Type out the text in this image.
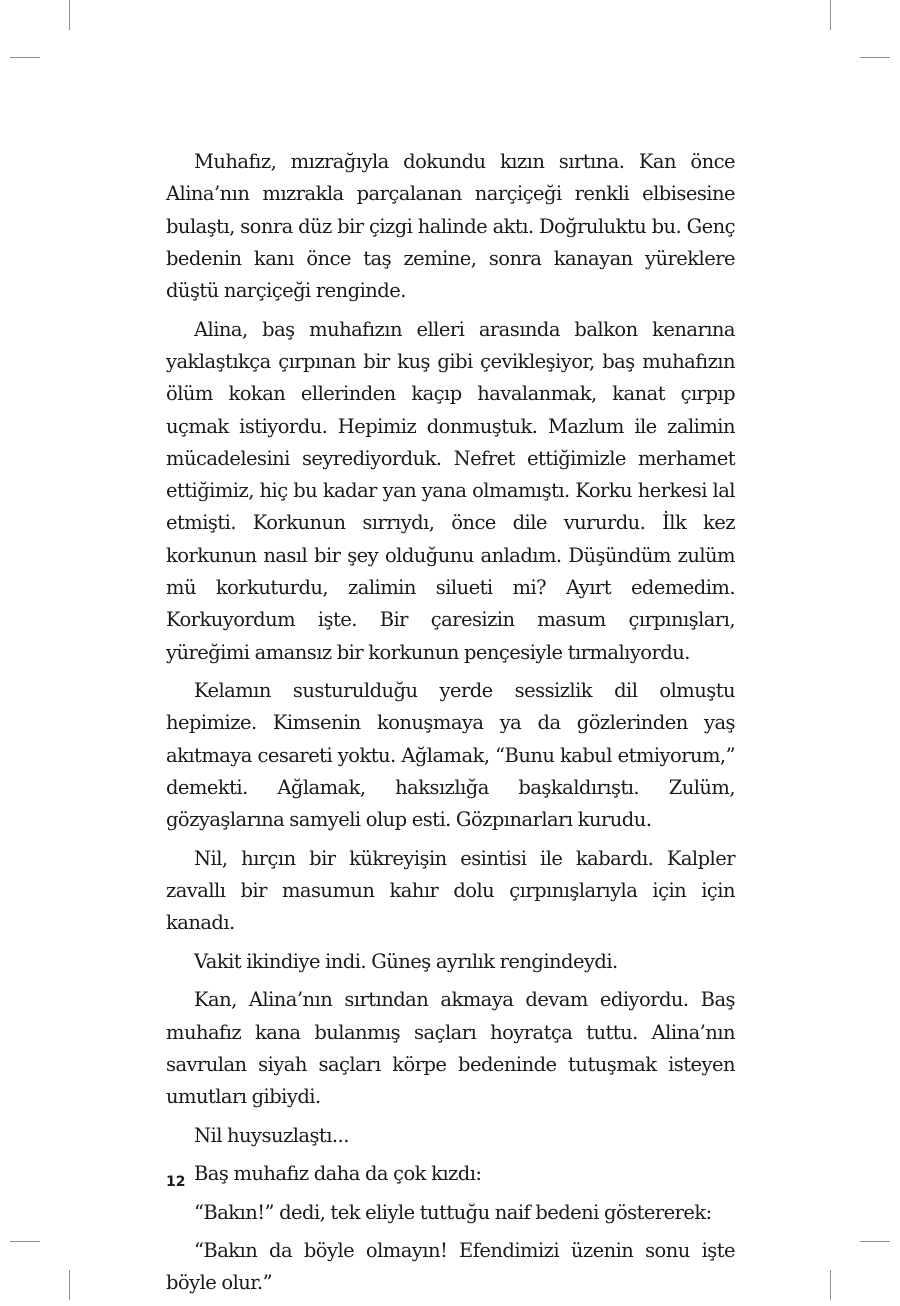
Muhafız, mızrağıyla dokundu kızın sırtına. Kan önce Alina’nın mızrakla parçalanan narçiçeği renkli elbisesine bulaştı, sonra düz bir çizgi halinde aktı. Doğruluktu bu. Genç bedenin kanı önce taş zemine, sonra kanayan yüreklere düştü narçiçeği renginde.

Alina, baş muhafızın elleri arasında balkon kenarına yaklaştıkça çırpınan bir kuş gibi çevikleşiyor, baş muhafızın ölüm kokan ellerinden kaçıp havalanmak, kanat çırpıp uçmak istiyordu. Hepimiz donmuştuk. Mazlum ile zalimin mücadelesini seyrediyorduk. Nefret ettiğimizle merhamet ettiğimiz, hiç bu kadar yan yana olmamıştı. Korku herkesi lal etmişti. Korkunun sırrıydı, önce dile vururdu. İlk kez korkunun nasıl bir şey olduğunu anladım. Düşündüm zulüm mü korkuturdu, zalimin silueti mi? Ayırt edemedim. Korkuyordum işte. Bir çaresizin masum çırpınışları, yüreğimi amansız bir korkunun pençesiyle tırmalıyordu.

Kelamın susturulduğu yerde sessizlik dil olmuştu hepimize. Kimsenin konuşmaya ya da gözlerinden yaş akıtmaya cesareti yoktu. Ağlamak, “Bunu kabul etmiyorum,” demekti. Ağlamak, haksızlığa başkaldırıştı. Zulüm, gözyaşlarına samyeli olup esti. Gözpınarları kurudu.

Nil, hırçın bir kükreyişin esintisi ile kabardı. Kalpler zavallı bir masumun kahır dolu çırpınışlarıyla için için kanadı.

Vakit ikindiye indi. Güneş ayrılık rengindeydi.

Kan, Alina’nın sırtından akmaya devam ediyordu. Baş muhafız kana bulanmış saçları hoyratça tuttu. Alina’nın savrulan siyah saçları körpe bedeninde tutuşmak isteyen umutları gibiydi.

Nil huysuzlaştı...

Baş muhafız daha da çok kızdı:

“Bakın!” dedi, tek eliyle tuttuğu naif bedeni göstererek:

“Bakın da böyle olmayın! Efendimizi üzenin sonu işte böyle olur.”

12
